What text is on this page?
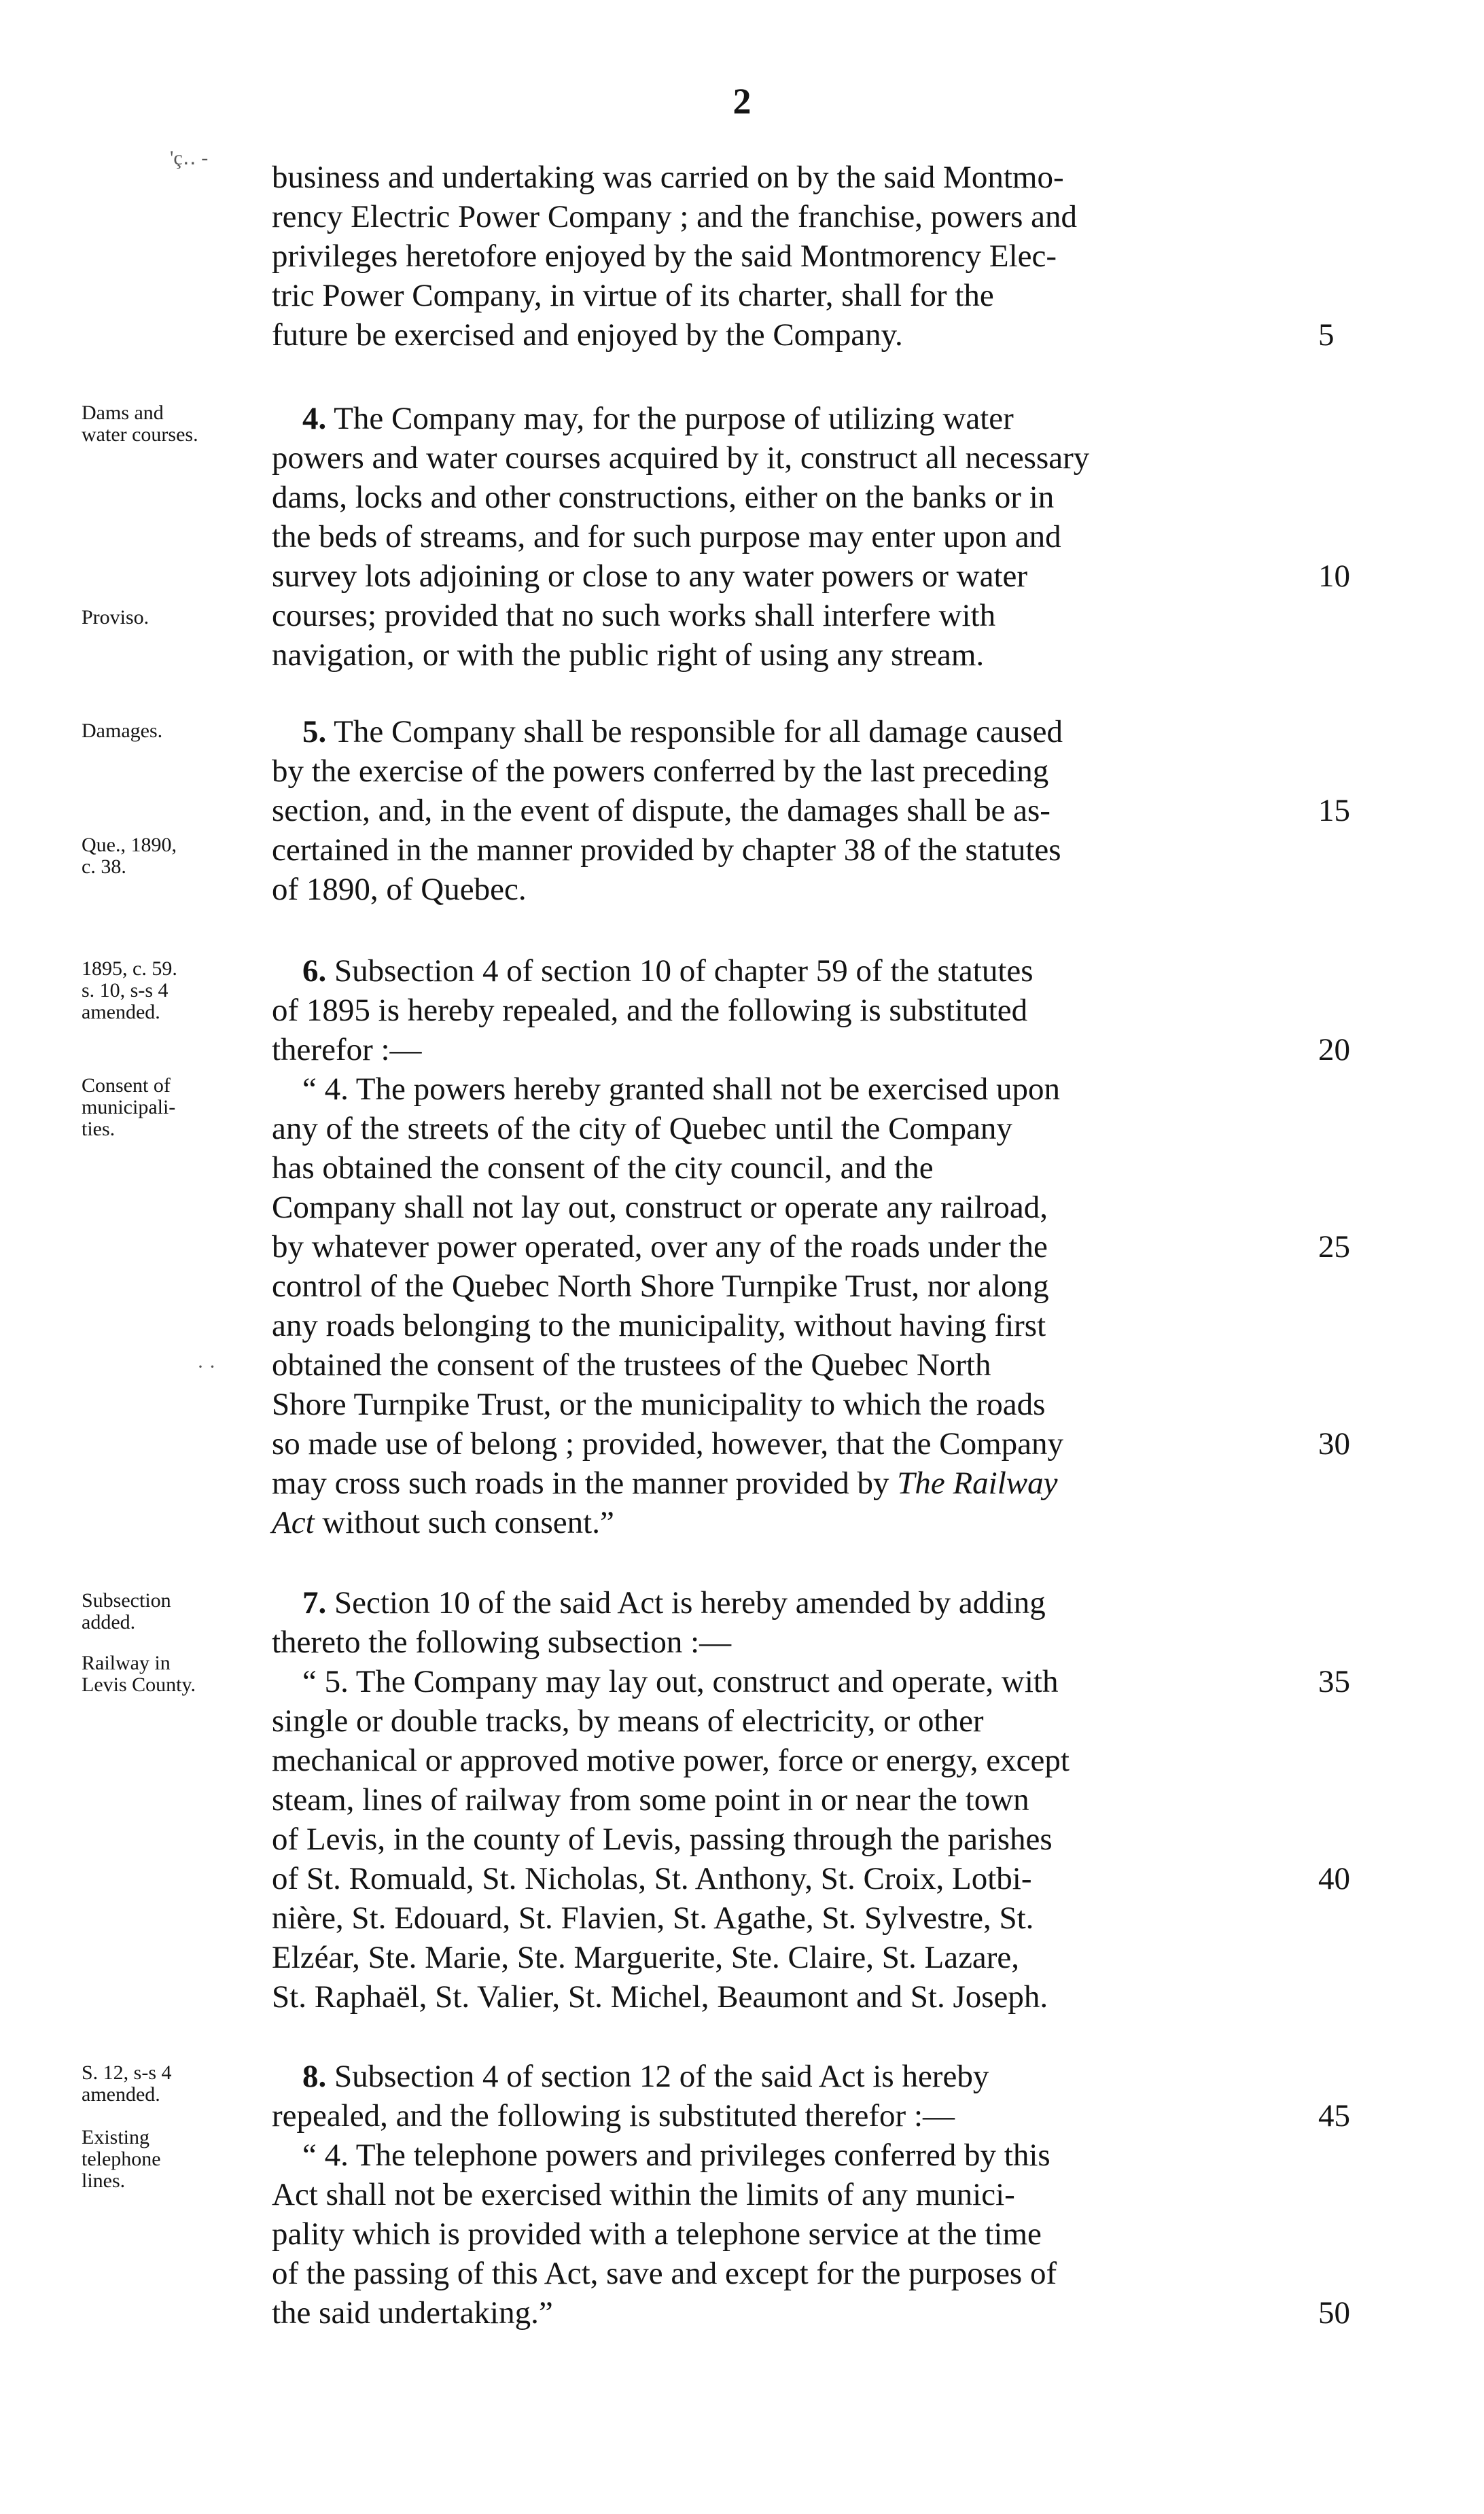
'ç‥ -
· ·
2
business and undertaking was carried on by the said Montmo-
rency Electric Power Company ; and the franchise, powers and
privileges heretofore enjoyed by the said Montmorency Elec-
tric Power Company, in virtue of its charter, shall for the
future be exercised and enjoyed by the Company.
4. The Company may, for the purpose of utilizing water
powers and water courses acquired by it, construct all necessary
dams, locks and other constructions, either on the banks or in
the beds of streams, and for such purpose may enter upon and
survey lots adjoining or close to any water powers or water
courses; provided that no such works shall interfere with
navigation, or with the public right of using any stream.
5. The Company shall be responsible for all damage caused
by the exercise of the powers conferred by the last preceding
section, and, in the event of dispute, the damages shall be as-
certained in the manner provided by chapter 38 of the statutes
of 1890, of Quebec.
6. Subsection 4 of section 10 of chapter 59 of the statutes
of 1895 is hereby repealed, and the following is substituted
therefor :—
“ 4. The powers hereby granted shall not be exercised upon
any of the streets of the city of Quebec until the Company
has obtained the consent of the city council, and the
Company shall not lay out, construct or operate any railroad,
by whatever power operated, over any of the roads under the
control of the Quebec North Shore Turnpike Trust, nor along
any roads belonging to the municipality, without having first
obtained the consent of the trustees of the Quebec North
Shore Turnpike Trust, or the municipality to which the roads
so made use of belong ; provided, however, that the Company
may cross such roads in the manner provided by The Railway
Act without such consent.”
7. Section 10 of the said Act is hereby amended by adding
thereto the following subsection :—
“ 5. The Company may lay out, construct and operate, with
single or double tracks, by means of electricity, or other
mechanical or approved motive power, force or energy, except
steam, lines of railway from some point in or near the town
of Levis, in the county of Levis, passing through the parishes
of St. Romuald, St. Nicholas, St. Anthony, St. Croix, Lotbi-
nière, St. Edouard, St. Flavien, St. Agathe, St. Sylvestre, St.
Elzéar, Ste. Marie, Ste. Marguerite, Ste. Claire, St. Lazare,
St. Raphaël, St. Valier, St. Michel, Beaumont and St. Joseph.
8. Subsection 4 of section 12 of the said Act is hereby
repealed, and the following is substituted therefor :—
“ 4. The telephone powers and privileges conferred by this
Act shall not be exercised within the limits of any munici-
pality which is provided with a telephone service at the time
of the passing of this Act, save and except for the purposes of
the said undertaking.”
5
10
15
20
25
30
35
40
45
50
Dams and
water courses.
Proviso.
Damages.
Que., 1890,
c. 38.
1895, c. 59.
s. 10, s-s 4
amended.
Consent of
municipali-
ties.
Subsection
added.
Railway in
Levis County.
S. 12, s-s 4
amended.
Existing
telephone
lines.
